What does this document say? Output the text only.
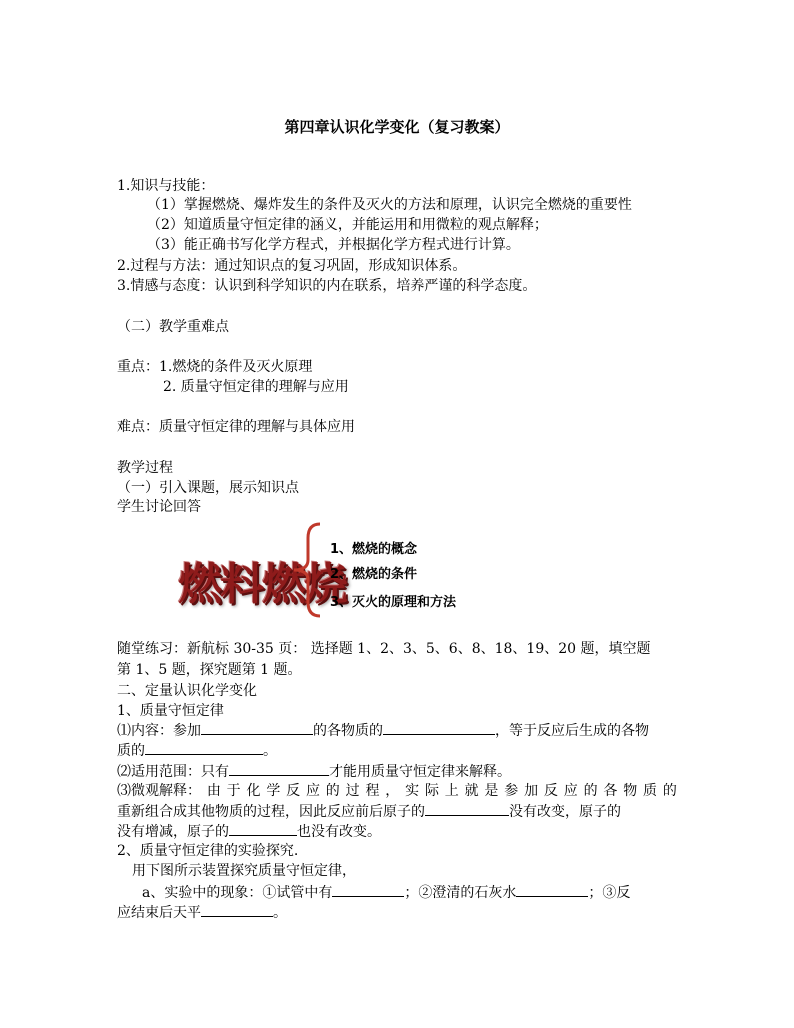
第四章认识化学变化（复习教案）
1.知识与技能：
（1）掌握燃烧、爆炸发生的条件及灭火的方法和原理，认识完全燃烧的重要性
（2）知道质量守恒定律的涵义，并能运用和用微粒的观点解释；
（3）能正确书写化学方程式，并根据化学方程式进行计算。
2.过程与方法：通过知识点的复习巩固，形成知识体系。
3.情感与态度：认识到科学知识的内在联系，培养严谨的科学态度。
（二）教学重难点
重点：1.燃烧的条件及灭火原理
2. 质量守恒定律的理解与应用
难点：质量守恒定律的理解与具体应用
教学过程
（一）引入课题，展示知识点
学生讨论回答
燃料燃烧
1、燃烧的概念
2、燃烧的条件
3、灭火的原理和方法
随堂练习：新航标 30-35 页： 选择题 1、2、3、5、6、8、18、19、20 题，填空题
第 1、5 题，探究题第 1 题。
二、定量认识化学变化
1、质量守恒定律
⑴内容：参加	的各物质的	，等于反应后生成的各物
质的	。
⑵适用范围：只有	才能用质量守恒定律来解释。
⑶微观解释： 由 于 化 学 反 应 的 过 程 ， 实 际 上 就 是 参 加 反 应 的 各 物 质 的
重新组合成其他物质的过程，因此反应前后原子的	没有改变，原子的
没有增减，原子的	也没有改变。
2、质量守恒定律的实验探究.
用下图所示装置探究质量守恒定律，
a、实验中的现象：①试管中有	；②澄清的石灰水	；③反
应结束后天平	。
